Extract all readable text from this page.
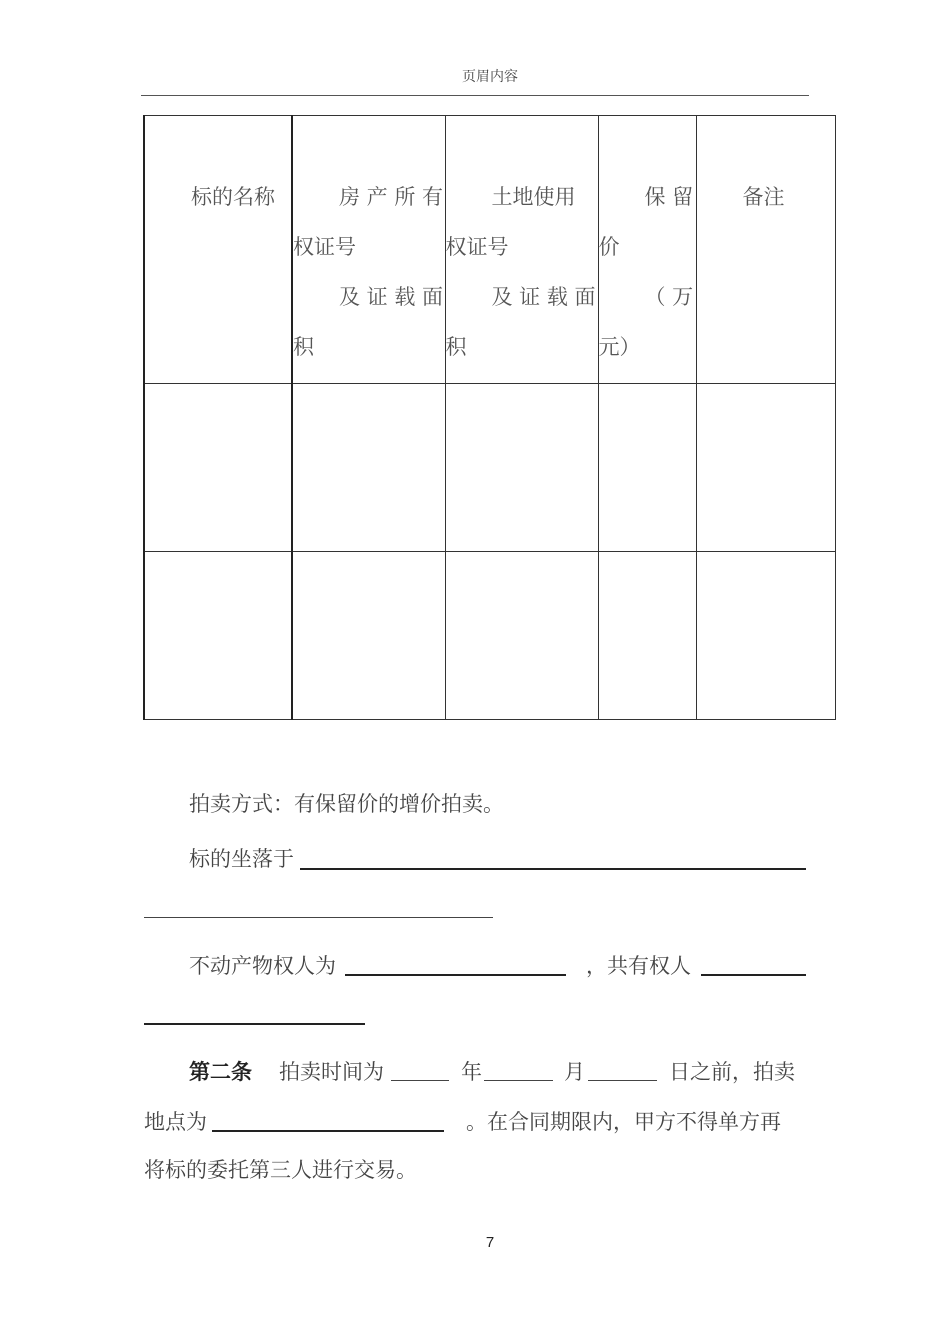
页眉内容
标的名称	房 产 所 有
权证号
及 证 载 面
积	土地使用
权证号
及 证 载 面
积	保 留
价
（ 万
元）	备注

拍卖方式：有保留价的增价拍卖。
标的坐落于
不动产物权人为	，共有权人
第二条 拍卖时间为	年	月	日之前，拍卖
地点为	。在合同期限内，甲方不得单方再
将标的委托第三人进行交易。
7
